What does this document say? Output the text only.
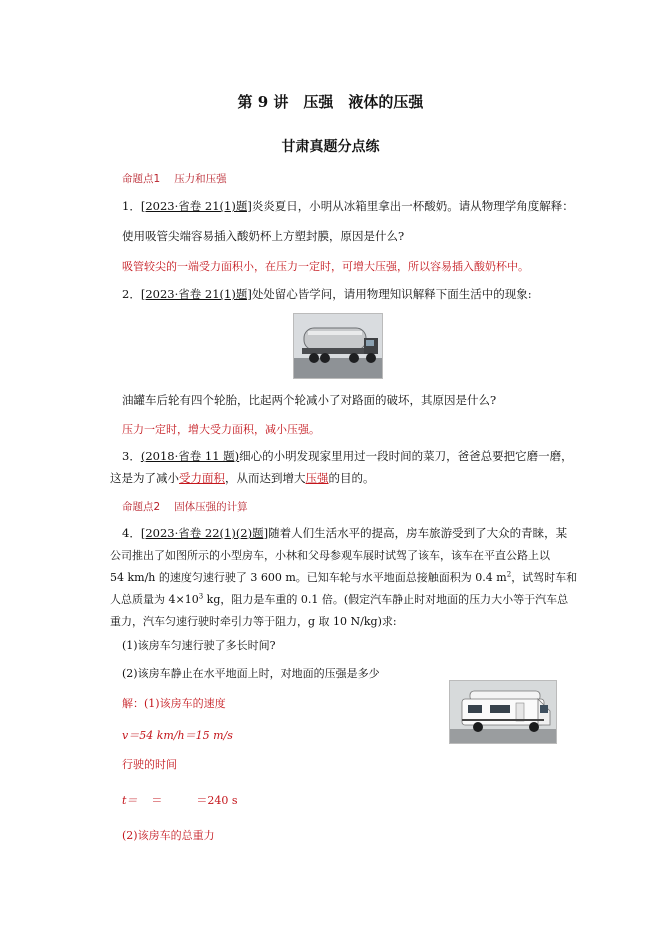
第 9 讲　压强　液体的压强
甘肃真题分点练
命题点1 压力和压强
1．[2023·省卷 21(1)题]炎炎夏日，小明从冰箱里拿出一杯酸奶。请从物理学角度解释：
使用吸管尖端容易插入酸奶杯上方塑封膜，原因是什么?
吸管较尖的一端受力面积小，在压力一定时，可增大压强，所以容易插入酸奶杯中。
2．[2023·省卷 21(1)题]处处留心皆学问，请用物理知识解释下面生活中的现象:
油罐车后轮有四个轮胎，比起两个轮减小了对路面的破坏，其原因是什么?
压力一定时，增大受力面积，减小压强。
3．(2018·省卷 11 题)细心的小明发现家里用过一段时间的菜刀，爸爸总要把它磨一磨，
这是为了减小受力面积，从而达到增大压强的目的。
命题点2 固体压强的计算
4．[2023·省卷 22(1)(2)题]随着人们生活水平的提高，房车旅游受到了大众的青睐，某
公司推出了如图所示的小型房车，小林和父母参观车展时试驾了该车，该车在平直公路上以
54 km/h 的速度匀速行驶了 3 600 m。已知车轮与水平地面总接触面积为 0.4 $m^2$，试驾时车和
人总质量为 $4\times 10^3$ kg，阻力是车重的 0.1 倍。(假定汽车静止时对地面的压力大小等于汽车总
重力，汽车匀速行驶时牵引力等于阻力，g 取 10 N/kg)求:
(1)该房车匀速行驶了多长时间?
(2)该房车静止在水平地面上时，对地面的压强是多少
解：(1)该房车的速度
v＝54 km/h＝15 m/s
行驶的时间
t＝ ＝	＝240 s
(2)该房车的总重力
